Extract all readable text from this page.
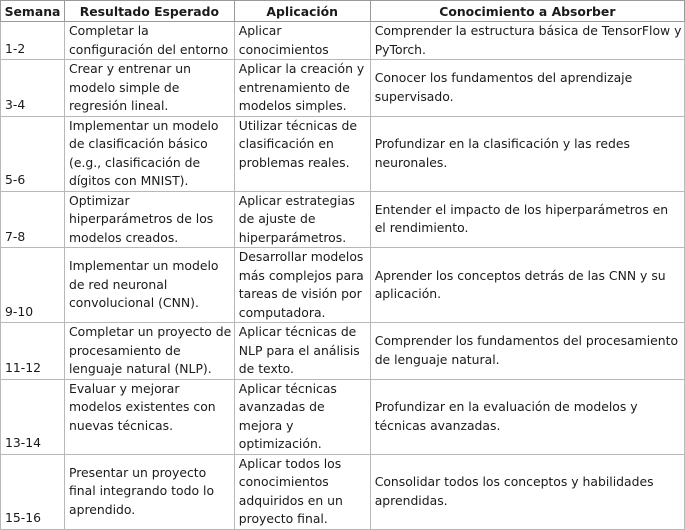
Semana	Resultado Esperado	Aplicación	Conocimiento a Absorber
1-2	Completar la configuración del entorno	Aplicar conocimientos	Comprender la estructura básica de TensorFlow y PyTorch.
3-4	Crear y entrenar un modelo simple de regresión lineal.	Aplicar la creación y entrenamiento de modelos simples.	Conocer los fundamentos del aprendizaje supervisado.
5-6	Implementar un modelo de clasificación básico (e.g., clasificación de dígitos con MNIST).	Utilizar técnicas de clasificación en problemas reales.	Profundizar en la clasificación y las redes neuronales.
7-8	Optimizar hiperparámetros de los modelos creados.	Aplicar estrategias de ajuste de hiperparámetros.	Entender el impacto de los hiperparámetros en el rendimiento.
9-10	Implementar un modelo de red neuronal convolucional (CNN).	Desarrollar modelos más complejos para tareas de visión por computadora.	Aprender los conceptos detrás de las CNN y su aplicación.
11-12	Completar un proyecto de procesamiento de lenguaje natural (NLP).	Aplicar técnicas de NLP para el análisis de texto.	Comprender los fundamentos del procesamiento de lenguaje natural.
13-14	Evaluar y mejorar modelos existentes con nuevas técnicas.	Aplicar técnicas avanzadas de mejora y optimización.	Profundizar en la evaluación de modelos y técnicas avanzadas.
15-16	Presentar un proyecto final integrando todo lo aprendido.	Aplicar todos los conocimientos adquiridos en un proyecto final.	Consolidar todos los conceptos y habilidades aprendidas.
